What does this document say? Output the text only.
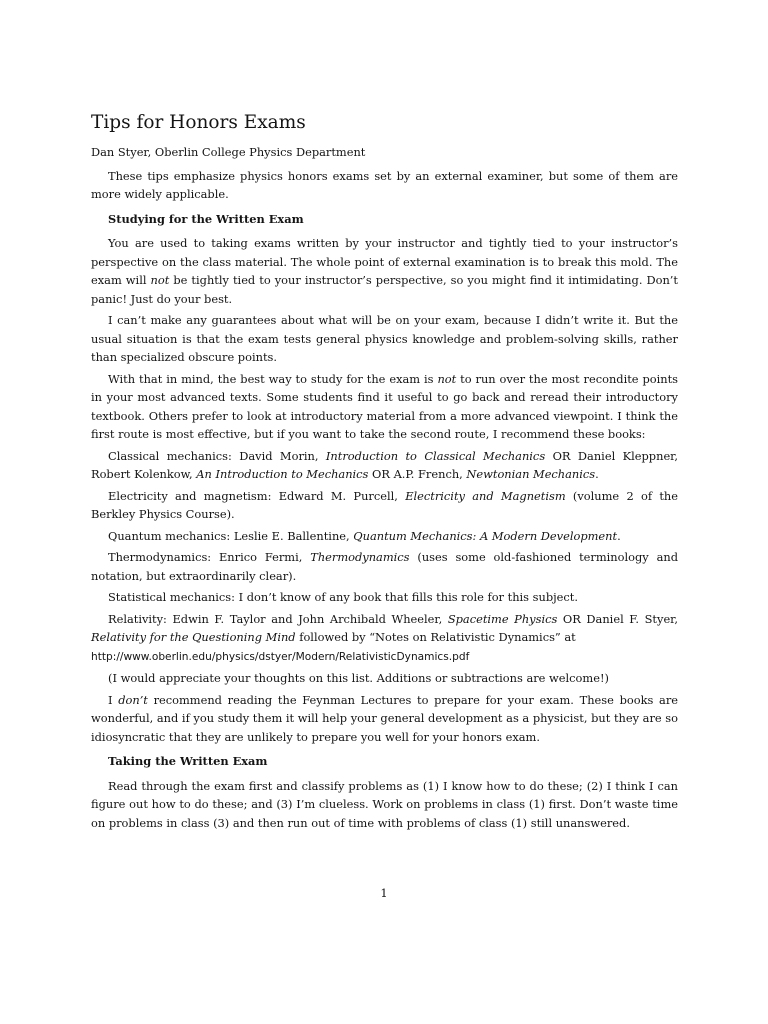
Tips for Honors Exams
Dan Styer, Oberlin College Physics Department

These tips emphasize physics honors exams set by an external examiner, but some of them are more widely applicable.

Studying for the Written Exam

You are used to taking exams written by your instructor and tightly tied to your instructor’s perspective on the class material. The whole point of external examination is to break this mold. The exam will not be tightly tied to your instructor’s perspective, so you might find it intimidating. Don’t panic! Just do your best.

I can’t make any guarantees about what will be on your exam, because I didn’t write it. But the usual situation is that the exam tests general physics knowledge and problem-solving skills, rather than specialized obscure points.

With that in mind, the best way to study for the exam is not to run over the most recondite points in your most advanced texts. Some students find it useful to go back and reread their introductory textbook. Others prefer to look at introductory material from a more advanced viewpoint. I think the first route is most effective, but if you want to take the second route, I recommend these books:

Classical mechanics: David Morin, Introduction to Classical Mechanics OR Daniel Kleppner, Robert Kolenkow, An Introduction to Mechanics OR A.P. French, Newtonian Mechanics.

Electricity and magnetism: Edward M. Purcell, Electricity and Magnetism (volume 2 of the Berkley Physics Course).

Quantum mechanics: Leslie E. Ballentine, Quantum Mechanics: A Modern Development.

Thermodynamics: Enrico Fermi, Thermodynamics (uses some old-fashioned terminology and notation, but extraordinarily clear).

Statistical mechanics: I don’t know of any book that fills this role for this subject.

Relativity: Edwin F. Taylor and John Archibald Wheeler, Spacetime Physics OR Daniel F. Styer, Relativity for the Questioning Mind followed by “Notes on Relativistic Dynamics” at
http://www.oberlin.edu/physics/dstyer/Modern/RelativisticDynamics.pdf

(I would appreciate your thoughts on this list. Additions or subtractions are welcome!)

I don’t recommend reading the Feynman Lectures to prepare for your exam. These books are wonderful, and if you study them it will help your general development as a physicist, but they are so idiosyncratic that they are unlikely to prepare you well for your honors exam.

Taking the Written Exam

Read through the exam first and classify problems as (1) I know how to do these; (2) I think I can figure out how to do these; and (3) I’m clueless. Work on problems in class (1) first. Don’t waste time on problems in class (3) and then run out of time with problems of class (1) still unanswered.

1
